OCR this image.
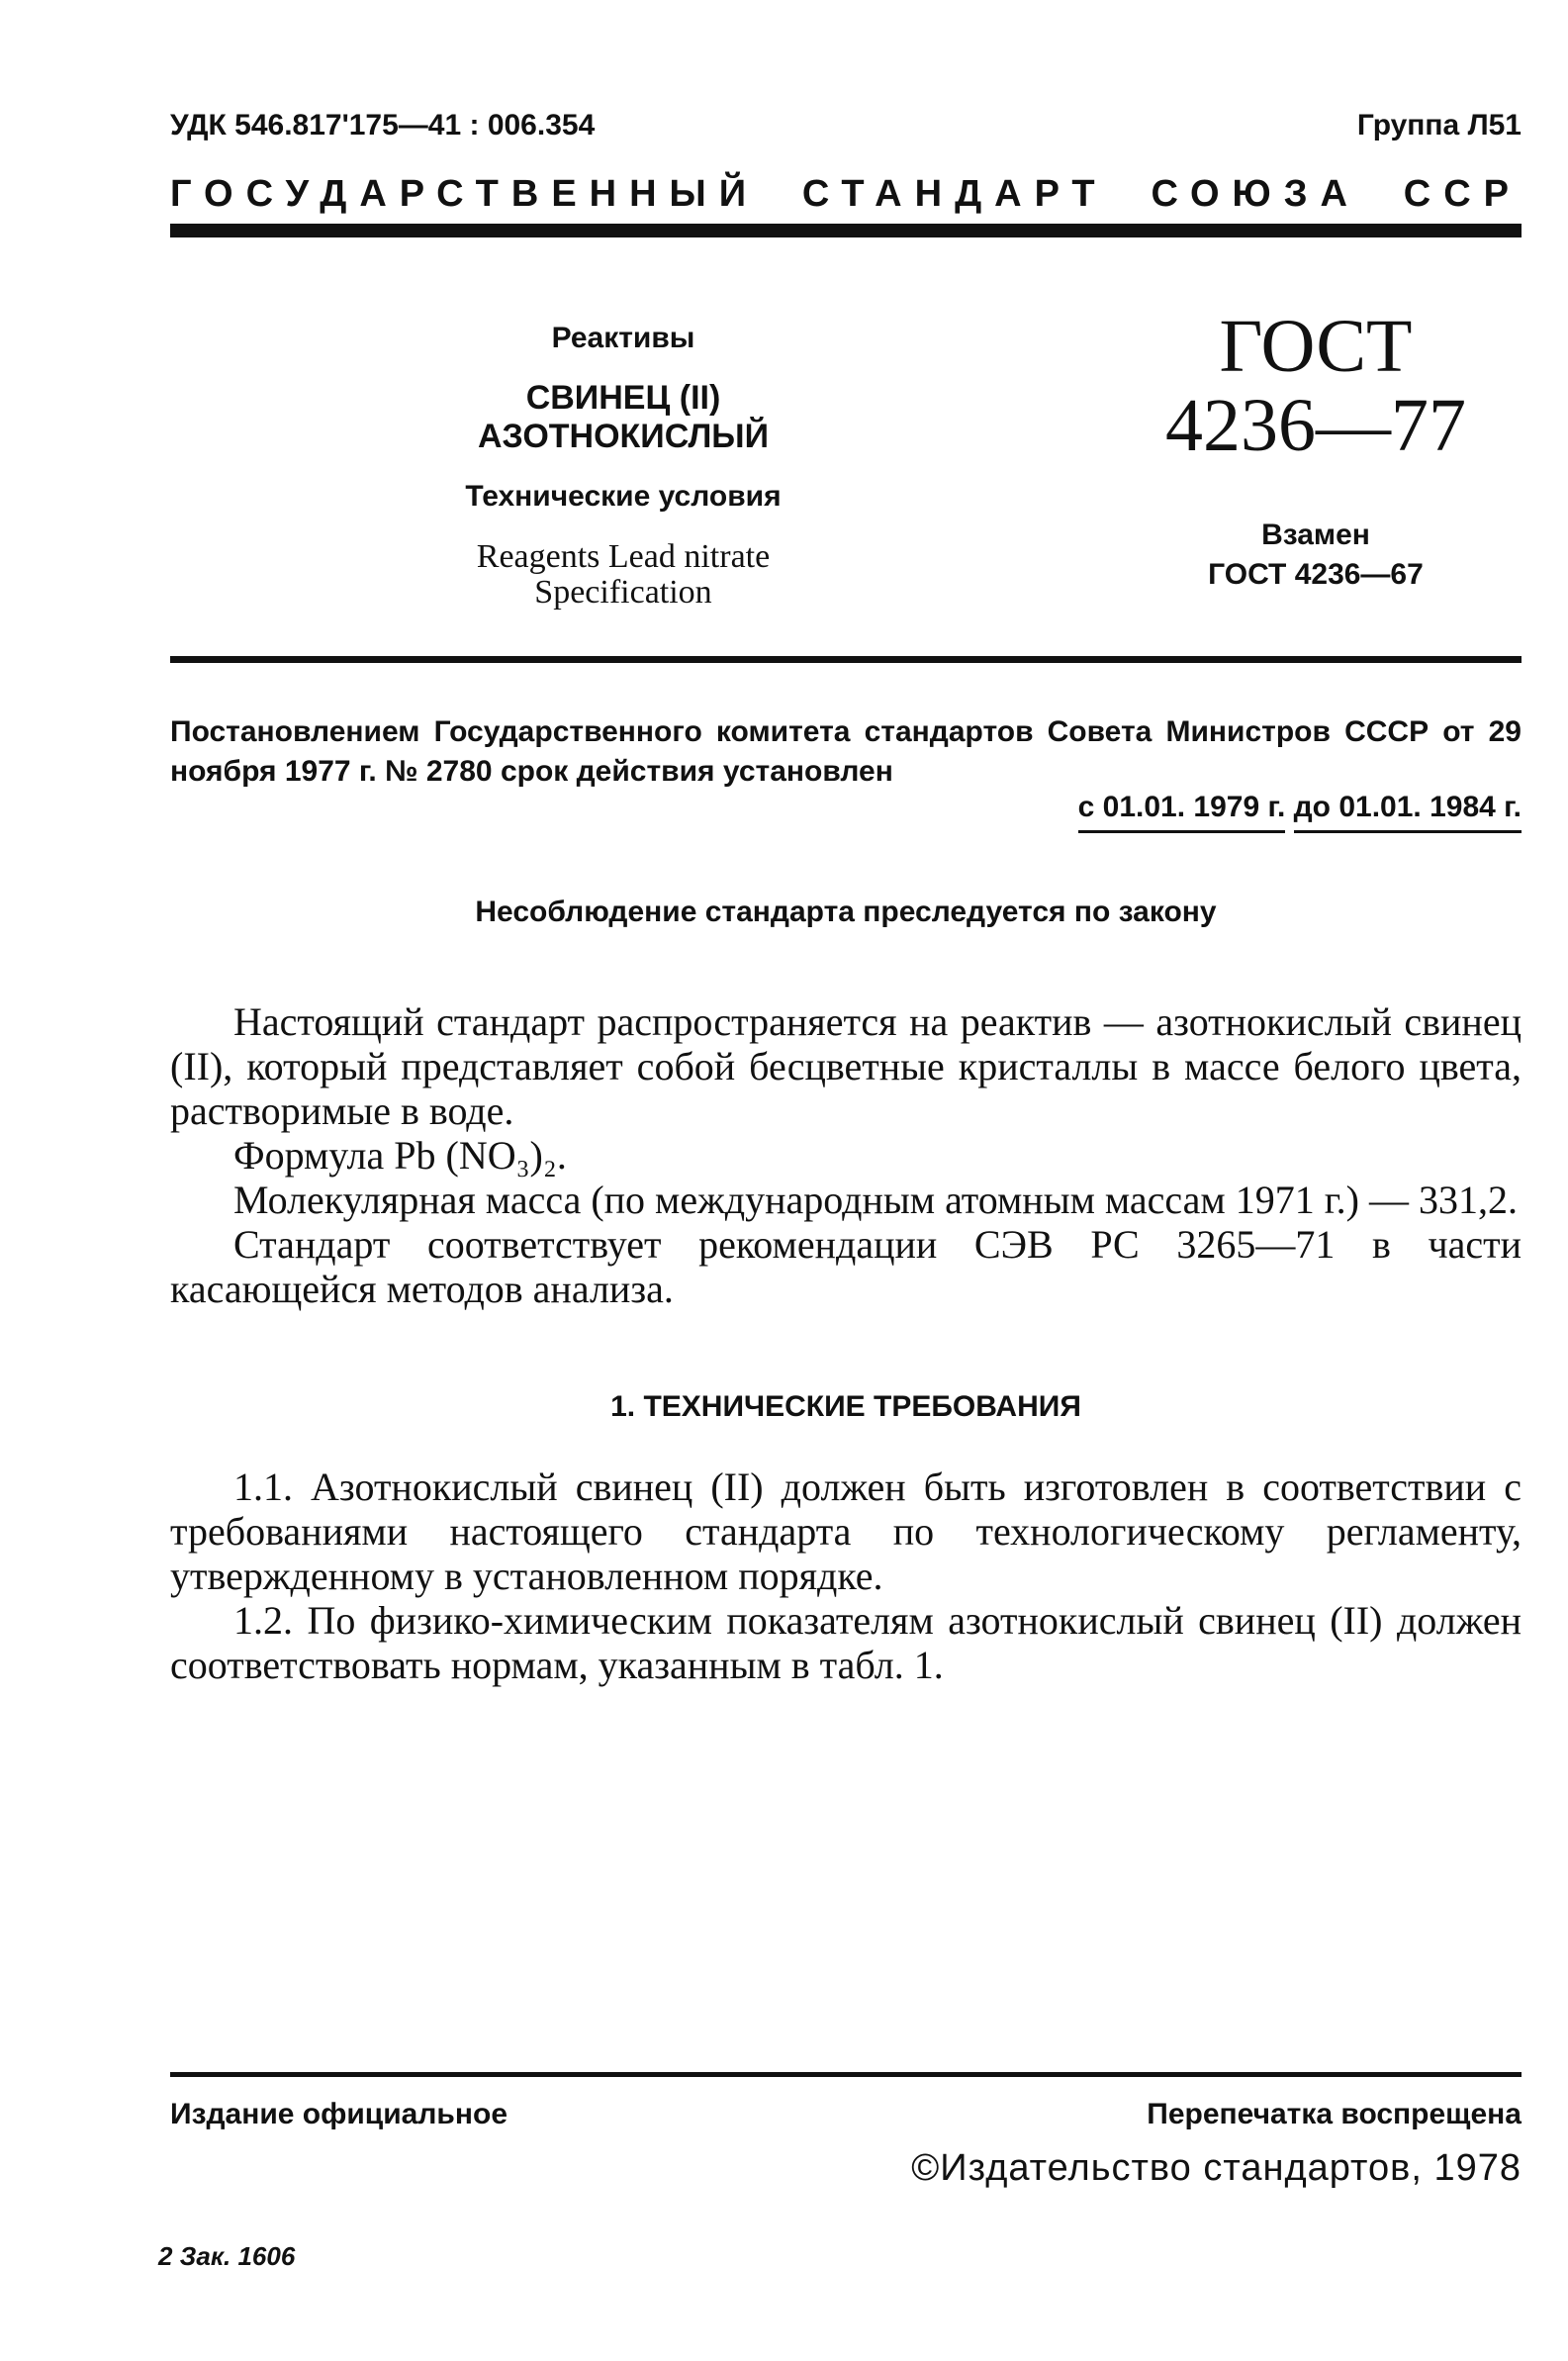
УДК 546.817'175—41 : 006.354	Группа Л51
ГОСУДАРСТВЕННЫЙ СТАНДАРТ СОЮЗА ССР
Реактивы
СВИНЕЦ (II) АЗОТНОКИСЛЫЙ
Технические условия
Reagents Lead nitrate
Specification
ГОСТ
4236—77
Взамен
ГОСТ 4236—67
Постановлением Государственного комитета стандартов Совета Министров СССР от 29 ноября 1977 г. № 2780 срок действия установлен
с 01.01. 1979 г. до 01.01. 1984 г.
Несоблюдение стандарта преследуется по закону

Настоящий стандарт распространяется на реактив — азотнокислый свинец (II), который представляет собой бесцветные кристаллы в массе белого цвета, растворимые в воде.

Формула Pb (NO₃)₂.

Молекулярная масса (по международным атомным массам 1971 г.) — 331,2.

Стандарт соответствует рекомендации СЭВ РС 3265—71 в части касающейся методов анализа.

1. ТЕХНИЧЕСКИЕ ТРЕБОВАНИЯ

1.1. Азотнокислый свинец (II) должен быть изготовлен в соответствии с требованиями настоящего стандарта по технологическому регламенту, утвержденному в установленном порядке.

1.2. По физико-химическим показателям азотнокислый свинец (II) должен соответствовать нормам, указанным в табл. 1.

Издание официальное	Перепечатка воспрещена
©Издательство стандартов, 1978
2 Зак. 1606
